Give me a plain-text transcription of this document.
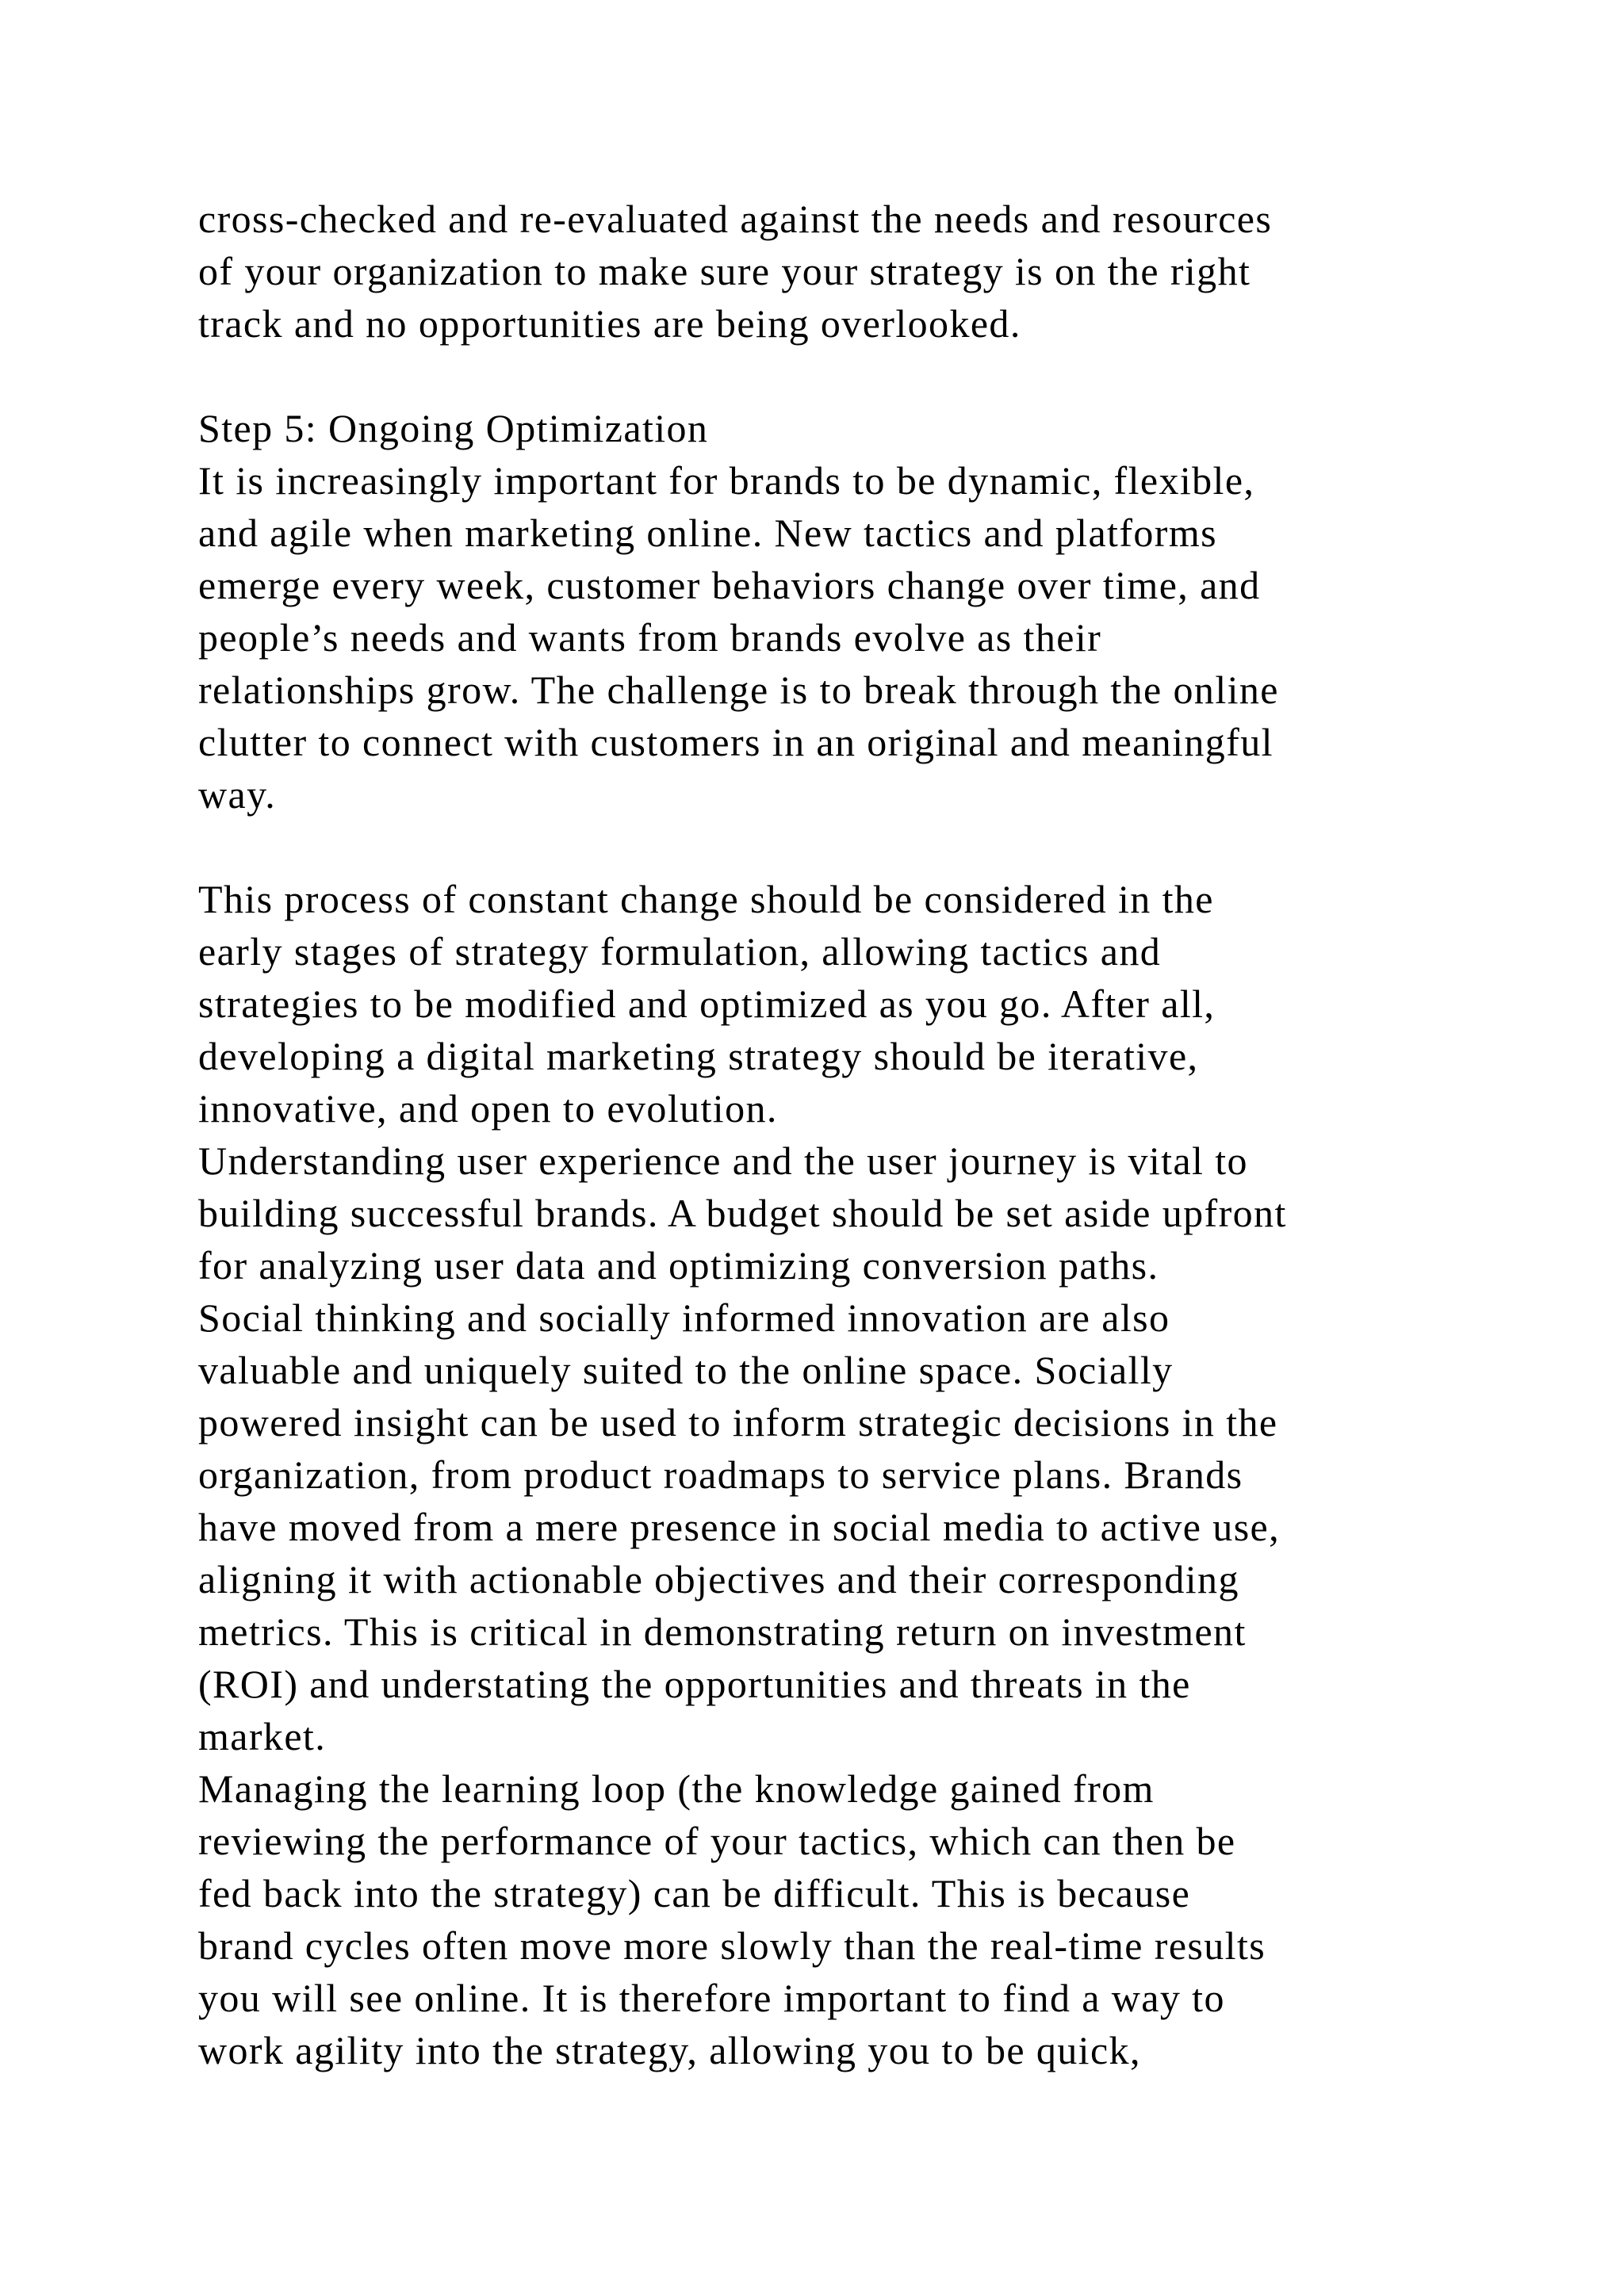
cross-checked and re-evaluated against the needs and resources
of your organization to make sure your strategy is on the right
track and no opportunities are being overlooked.
Step 5: Ongoing Optimization
It is increasingly important for brands to be dynamic, flexible,
and agile when marketing online. New tactics and platforms
emerge every week, customer behaviors change over time, and
people’s needs and wants from brands evolve as their
relationships grow. The challenge is to break through the online
clutter to connect with customers in an original and meaningful
way.
This process of constant change should be considered in the
early stages of strategy formulation, allowing tactics and
strategies to be modified and optimized as you go. After all,
developing a digital marketing strategy should be iterative,
innovative, and open to evolution.
Understanding user experience and the user journey is vital to
building successful brands. A budget should be set aside upfront
for analyzing user data and optimizing conversion paths.
Social thinking and socially informed innovation are also
valuable and uniquely suited to the online space. Socially
powered insight can be used to inform strategic decisions in the
organization, from product roadmaps to service plans. Brands
have moved from a mere presence in social media to active use,
aligning it with actionable objectives and their corresponding
metrics. This is critical in demonstrating return on investment
(ROI) and understating the opportunities and threats in the
market.
Managing the learning loop (the knowledge gained from
reviewing the performance of your tactics, which can then be
fed back into the strategy) can be difficult. This is because
brand cycles often move more slowly than the real-time results
you will see online. It is therefore important to find a way to
work agility into the strategy, allowing you to be quick,
